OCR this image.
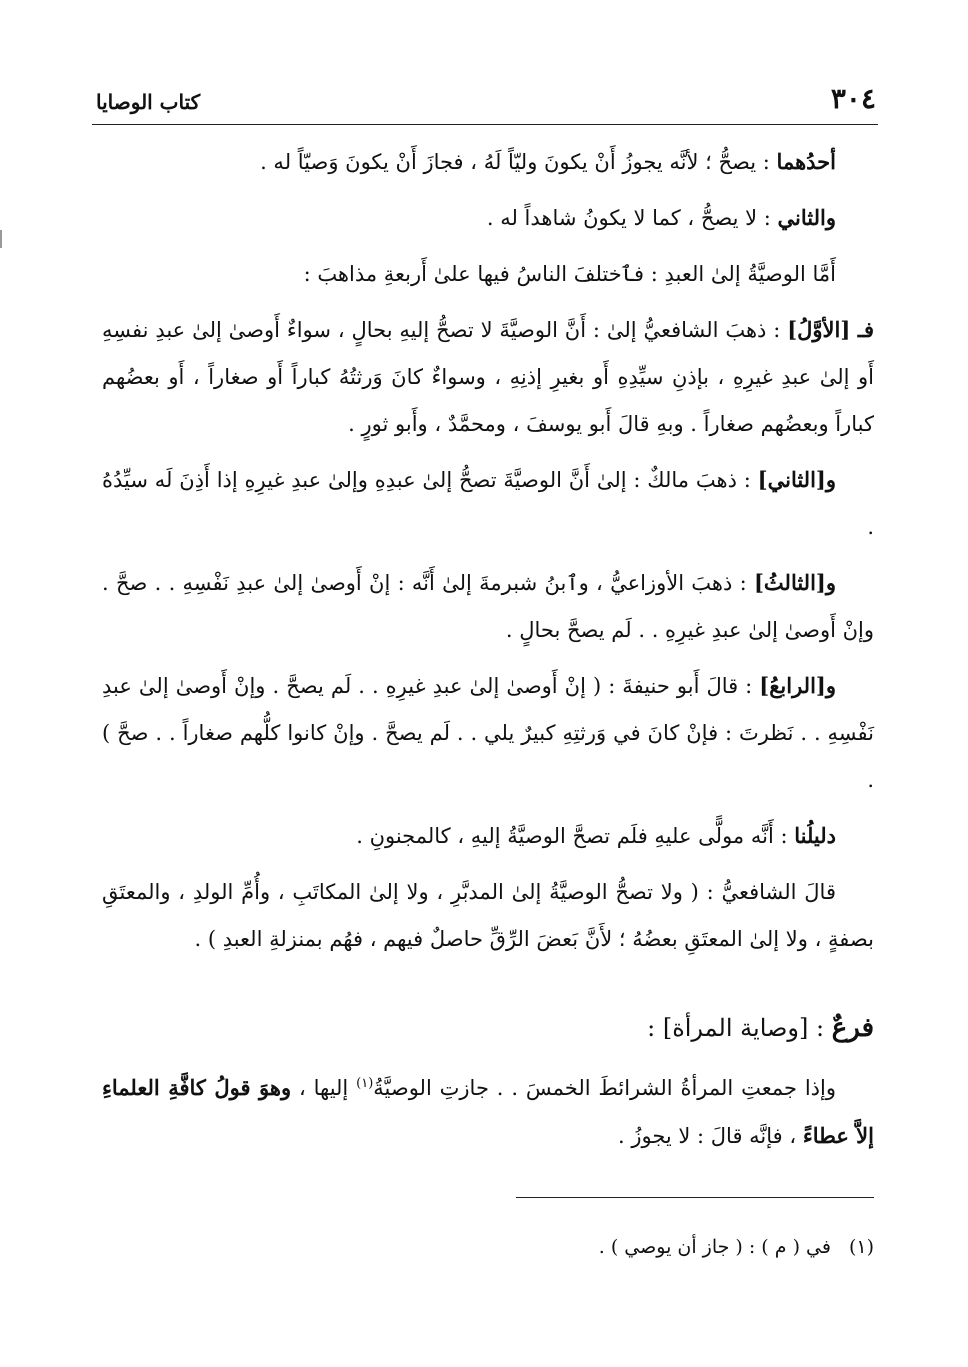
٣٠٤
كتاب الوصايا

أحدُهما : يصحُّ ؛ لأنَّه يجوزُ أَنْ يكونَ وليّاً لَهُ ، فجازَ أَنْ يكونَ وَصيّاً له .

والثاني : لا يصحُّ ، كما لا يكونُ شاهداً له .

أَمَّا الوصيَّةُ إلىٰ العبدِ : فٱختلفَ الناسُ فيها علىٰ أَربعةِ مذاهبَ :

فـ [الأوَّلُ] : ذهبَ الشافعيُّ إلىٰ : أَنَّ الوصيَّةَ لا تصحُّ إليهِ بحالٍ ، سواءٌ أَوصىٰ إلىٰ عبدِ نفسِهِ أَو إلىٰ عبدِ غيرِهِ ، بإذنِ سيِّدِهِ أَو بغيرِ إذنِهِ ، وسواءٌ كانَ وَرثتُهُ كباراً أَو صغاراً ، أَو بعضُهم كباراً وبعضُهم صغاراً . وبهِ قالَ أَبو يوسفَ ، ومحمَّدٌ ، وأَبو ثورٍ .

و[الثاني] : ذهبَ مالكٌ : إلىٰ أَنَّ الوصيَّةَ تصحُّ إلىٰ عبدِهِ وإلىٰ عبدِ غيرِهِ إذا أَذِنَ لَه سيِّدُهُ .

و[الثالثُ] : ذهبَ الأوزاعيُّ ، وٱبنُ شبرمةَ إلىٰ أَنَّه : إنْ أَوصىٰ إلىٰ عبدِ نَفْسِهِ . . صحَّ . وإنْ أَوصىٰ إلىٰ عبدِ غيرِهِ . . لَم يصحَّ بحالٍ .

و[الرابعُ] : قالَ أَبو حنيفةَ : ( إنْ أَوصىٰ إلىٰ عبدِ غيرِهِ . . لَم يصحَّ . وإنْ أَوصىٰ إلىٰ عبدِ نَفْسِهِ . . نَظرتَ : فإنْ كانَ في وَرثتِهِ كبيرٌ يلي . . لَم يصحَّ . وإنْ كانوا كلُّهم صغاراً . . صحَّ ) .

دليلُنا : أَنَّه مولًّى عليهِ فلَم تصحَّ الوصيَّةُ إليهِ ، كالمجنونِ .

قالَ الشافعيُّ : ( ولا تصحُّ الوصيَّةُ إلىٰ المدبَّرِ ، ولا إلىٰ المكاتَبِ ، وأُمِّ الولدِ ، والمعتَقِ بصفةٍ ، ولا إلىٰ المعتَقِ بعضُهُ ؛ لأَنَّ بَعضَ الرِّقِّ حاصلٌ فيهم ، فهُم بمنزلةِ العبدِ ) .

فرعٌ : [وصاية المرأة] :

وإذا جمعتِ المرأةُ الشرائطَ الخمسَ . . جازتِ الوصيَّةُ$^{(١)}$ إليها ، وهوَ قولُ كافَّةِ العلماءِ إلاَّ عطاءً ، فإنَّه قالَ : لا يجوزُ .

(١)في ( م ) : ( جاز أن يوصي ) .
